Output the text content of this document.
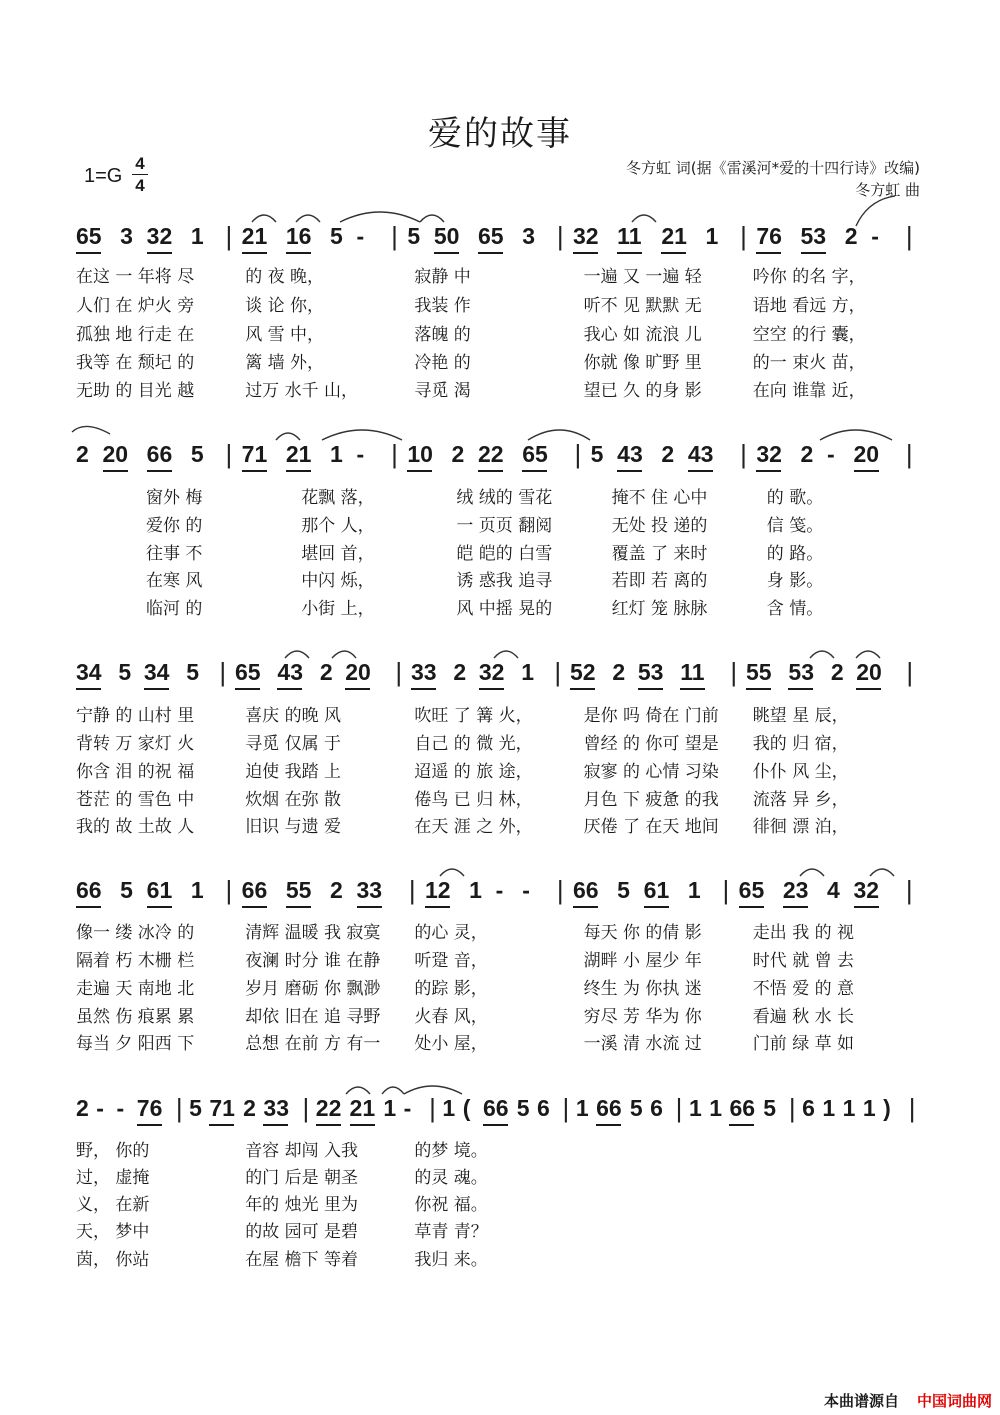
爱的故事
1=G
4
4
冬方虹 词(据《雷溪河*爱的十四行诗》改编)
冬方虹 曲
65 3 32 1 | 21 16 5 -	| 5 50 65 3 | 32 11 21 1 | 76 53 2 -	|
在这 一 年将 尽	的 夜 晚，	寂静 中	一遍 又 一遍 轻	吟你 的名 字，
人们 在 炉火 旁	谈 论 你，	我装 作	听不 见 默默 无	语地 看远 方，
孤独 地 行走 在	风 雪 中，	落魄 的	我心 如 流浪 儿	空空 的行 囊，
我等 在 颓圮 的	篱 墙 外，	冷艳 的	你就 像 旷野 里	的一 束火 苗，
无助 的 目光 越	过万 水千 山，	寻觅 渴	望已 久 的身 影	在向 谁靠 近，
2 20 66 5 | 71 21 1 -	| 10 2 22 65	| 5 43 2 43	| 32 2 - 20	|
窗外 梅	花飘 落，	绒 绒的 雪花	掩不 住 心中	的 歌。
爱你 的	那个 人，	一 页页 翻阅	无处 投 递的	信 笺。
往事 不	堪回 首，	皑 皑的 白雪	覆盖 了 来时	的 路。
在寒 风	中闪 烁，	诱 惑我 追寻	若即 若 离的	身 影。
临河 的	小街 上，	风 中摇 晃的	红灯 笼 脉脉	含 情。
34 5 34 5 | 65 43 2 20 | 33 2 32 1 | 52 2 53 11 | 55 53 2 20 |
宁静 的 山村 里	喜庆 的晚 风	吹旺 了 篝 火，	是你 吗 倚在 门前 眺望 星 辰，
背转 万 家灯 火	寻觅 仅属 于	自己 的 微 光，	曾经 的 你可 望是 我的 归 宿，
你含 泪 的祝 福	迫使 我踏 上	迢遥 的 旅 途，	寂寥 的 心情 习染 仆仆 风 尘，
苍茫 的 雪色 中	炊烟 在弥 散	倦鸟 已 归 林，	月色 下 疲惫 的我 流落 异 乡，
我的 故 土故 人	旧识 与遗 爱	在天 涯 之 外，	厌倦 了 在天 地间 徘徊 漂 泊，
66 5 61 1 | 66 55 2 33	| 12 1 - -	| 66 5 61 1 | 65 23 4 32	|
像一 缕 冰冷 的	清辉 温暖 我 寂寞 的心 灵，	每天 你 的倩 影	走出 我 的 视
隔着 朽 木栅 栏	夜澜 时分 谁 在静 听跫 音，	湖畔 小 屋少 年	时代 就 曾 去
走遍 天 南地 北	岁月 磨砺 你 飘渺 的踪 影，	终生 为 你执 迷	不悟 爱 的 意
虽然 伤 痕累 累	却依 旧在 追 寻野 火春 风，	穷尽 芳 华为 你	看遍 秋 水 长
每当 夕 阳西 下	总想 在前 方 有一 处小 屋，	一溪 清 水流 过	门前 绿 草 如
2 - - 76 | 5 71 2 33 | 22 21 1 - | 1 ( 66 5 6 | 1 66 5 6 | 1 1 66 5 | 6 1 1 1 ) |
野， 你的	音容 却闯 入我	的梦 境。
过， 虚掩	的门 后是 朝圣	的灵 魂。
义， 在新	年的 烛光 里为	你祝 福。
天， 梦中	的故 园可 是碧	草青 青？
茵， 你站	在屋 檐下 等着	我归 来。
本曲谱源自 中国词曲网
